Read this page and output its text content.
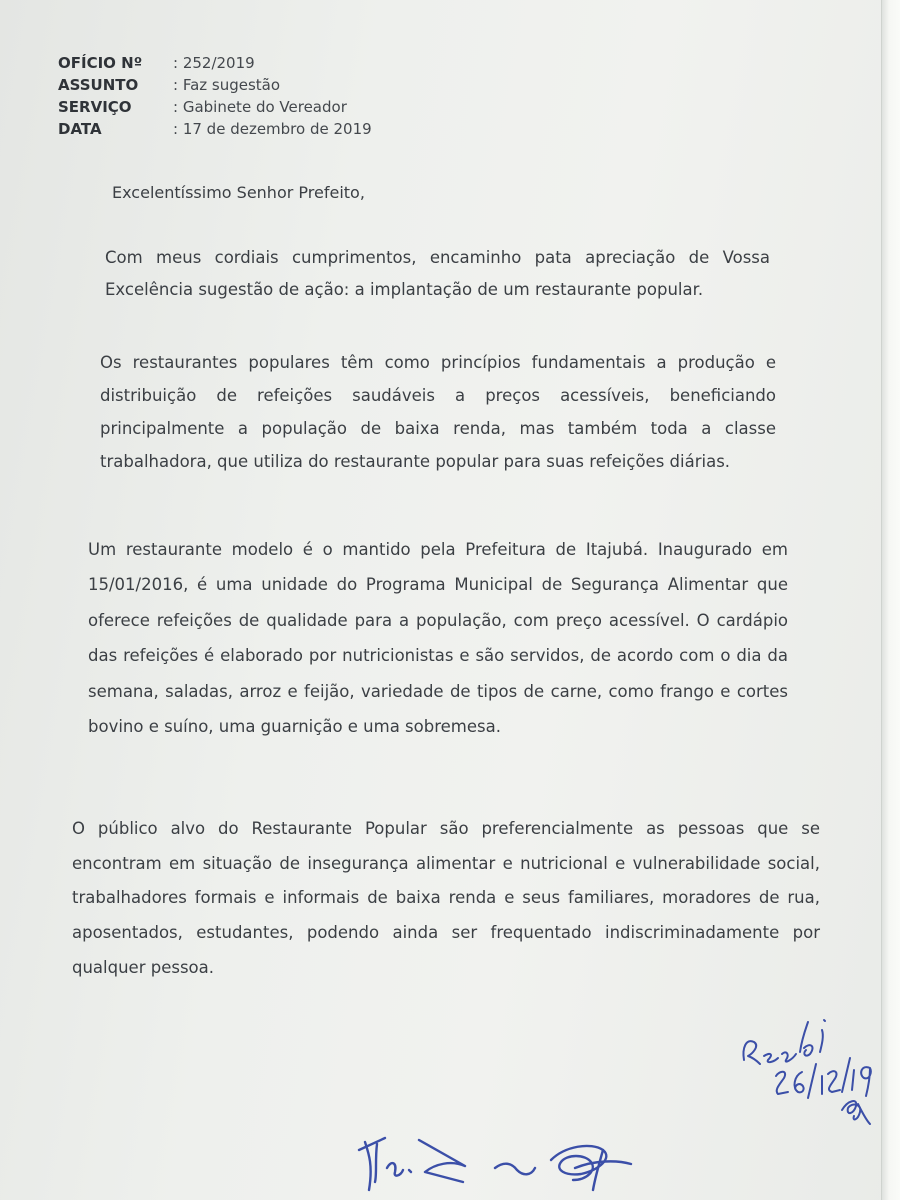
OFÍCIO Nº : 252/2019
ASSUNTO : Faz sugestão
SERVIÇO	: Gabinete do Vereador
DATA	: 17 de dezembro de 2019
Excelentíssimo Senhor Prefeito,
Com meus cordiais cumprimentos, encaminho pata apreciação de Vossa Excelência sugestão de ação: a implantação de um restaurante popular.
Os restaurantes populares têm como princípios fundamentais a produção e distribuição de refeições saudáveis a preços acessíveis, beneficiando principalmente a população de baixa renda, mas também toda a classe trabalhadora, que utiliza do restaurante popular para suas refeições diárias.
Um restaurante modelo é o mantido pela Prefeitura de Itajubá. Inaugurado em 15/01/2016, é uma unidade do Programa Municipal de Segurança Alimentar que oferece refeições de qualidade para a população, com preço acessível. O cardápio das refeições é elaborado por nutricionistas e são servidos, de acordo com o dia da semana, saladas, arroz e feijão, variedade de tipos de carne, como frango e cortes bovino e suíno, uma guarnição e uma sobremesa.
O público alvo do Restaurante Popular são preferencialmente as pessoas que se encontram em situação de insegurança alimentar e nutricional e vulnerabilidade social, trabalhadores formais e informais de baixa renda e seus familiares, moradores de rua, aposentados, estudantes, podendo ainda ser frequentado indiscriminadamente por qualquer pessoa.
